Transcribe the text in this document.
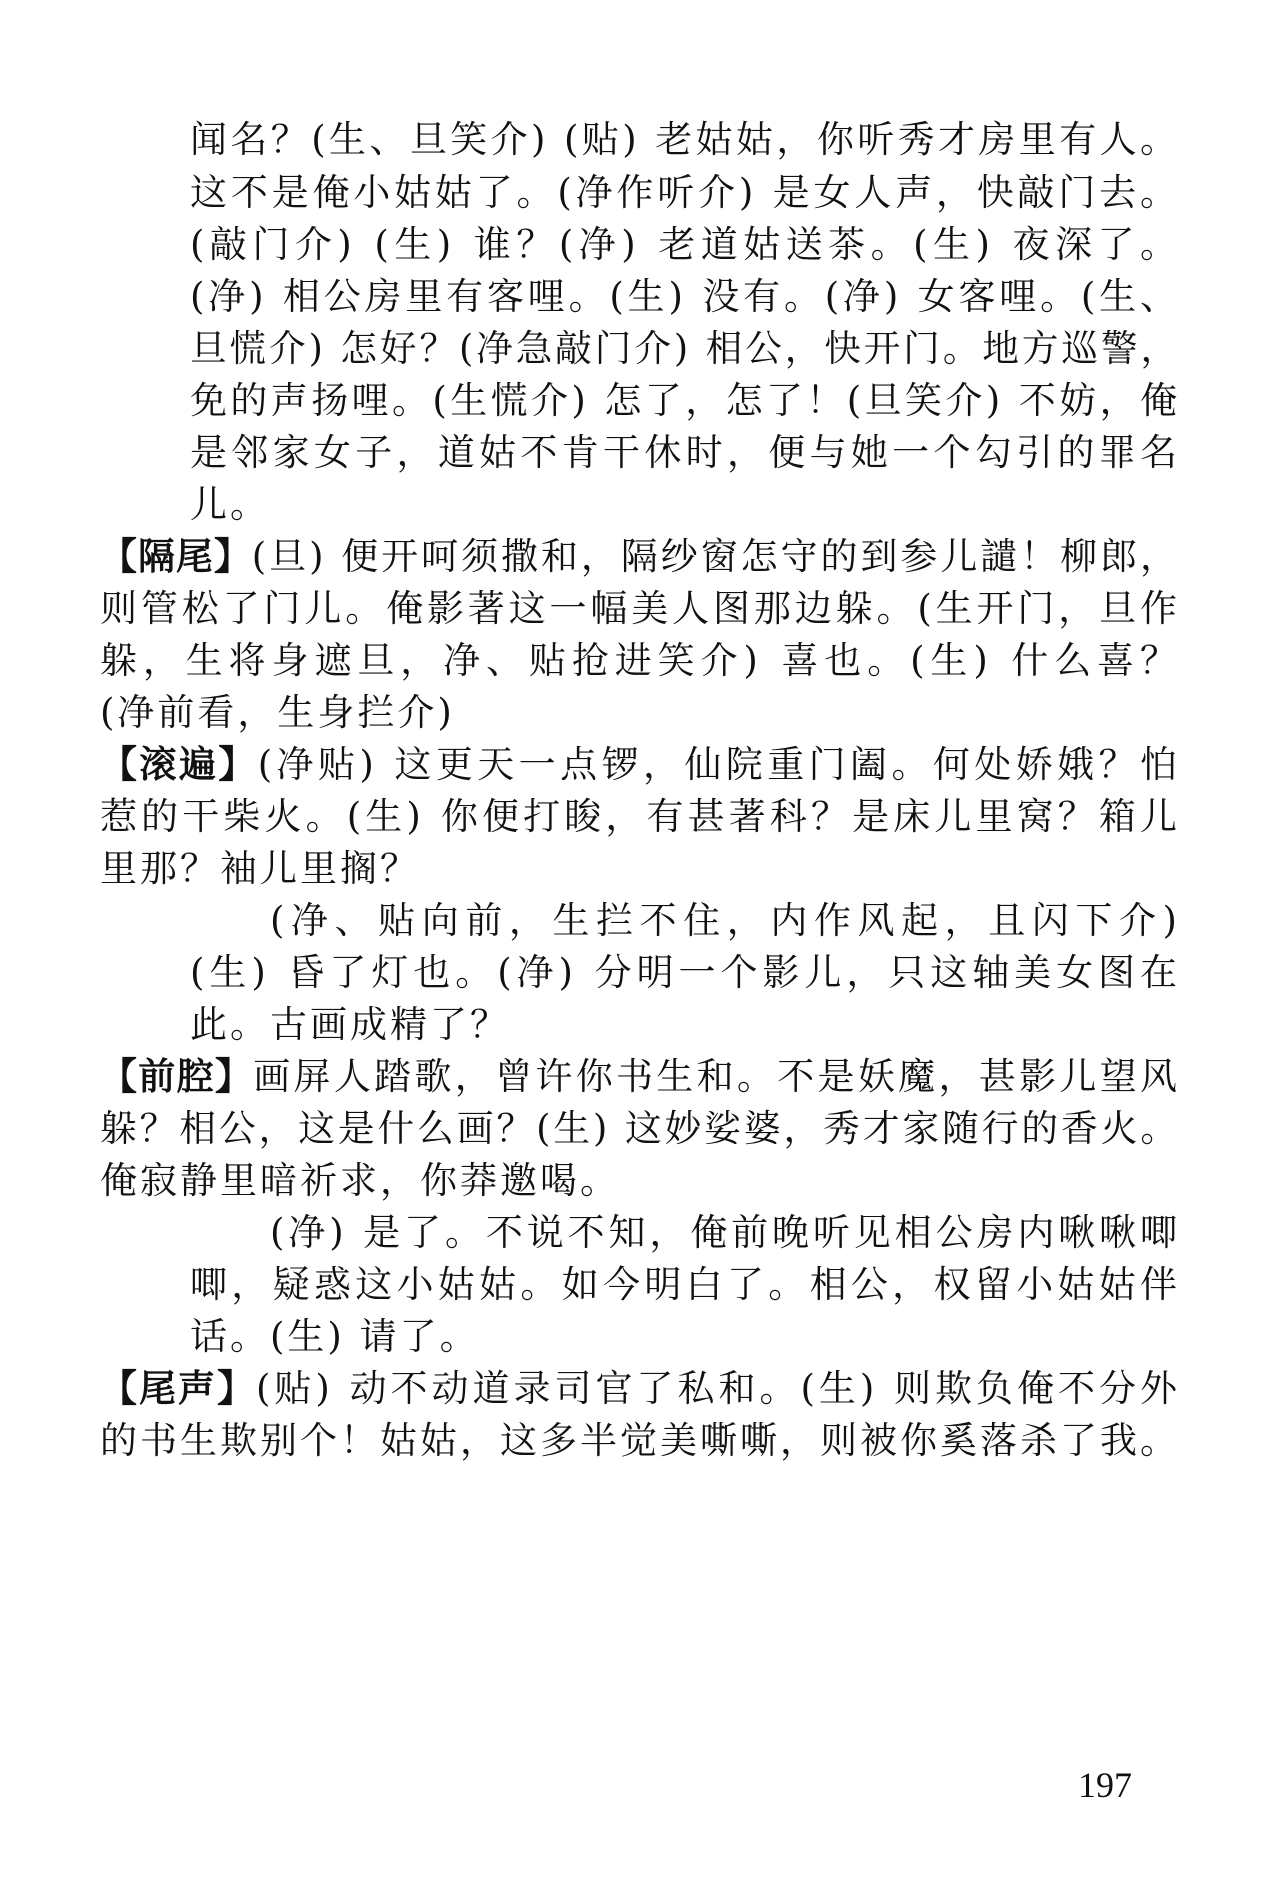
闻名？(生、旦笑介) (贴) 老姑姑，你听秀才房里有人。
这不是俺小姑姑了。(净作听介) 是女人声，快敲门去。
(敲门介) (生) 谁？(净) 老道姑送茶。(生) 夜深了。
(净) 相公房里有客哩。(生) 没有。(净) 女客哩。(生、
旦慌介) 怎好？(净急敲门介) 相公，快开门。地方巡警，
免的声扬哩。(生慌介) 怎了，怎了！(旦笑介) 不妨，俺
是邻家女子，道姑不肯干休时，便与她一个勾引的罪名
儿。
【隔尾】(旦) 便开呵须撒和，隔纱窗怎守的到参儿譴！柳郎，
则管松了门儿。俺影著这一幅美人图那边躲。(生开门，旦作
躲，生将身遮旦，净、贴抢进笑介) 喜也。(生) 什么喜？
(净前看，生身拦介)
【滚遍】(净贴) 这更天一点锣，仙院重门阖。何处娇娥？怕
惹的干柴火。(生) 你便打睃，有甚著科？是床儿里窝？箱儿
里那？袖儿里搁？
(净、贴向前，生拦不住，内作风起，且闪下介)
(生) 昏了灯也。(净) 分明一个影儿，只这轴美女图在
此。古画成精了？
【前腔】画屏人踏歌，曾许你书生和。不是妖魔，甚影儿望风
躲？相公，这是什么画？(生) 这妙娑婆，秀才家随行的香火。
俺寂静里暗祈求，你莽邀喝。
(净) 是了。不说不知，俺前晚听见相公房内啾啾唧
唧，疑惑这小姑姑。如今明白了。相公，权留小姑姑伴
话。(生) 请了。
【尾声】(贴) 动不动道录司官了私和。(生) 则欺负俺不分外
的书生欺别个！姑姑，这多半觉美嘶嘶，则被你奚落杀了我。
197
